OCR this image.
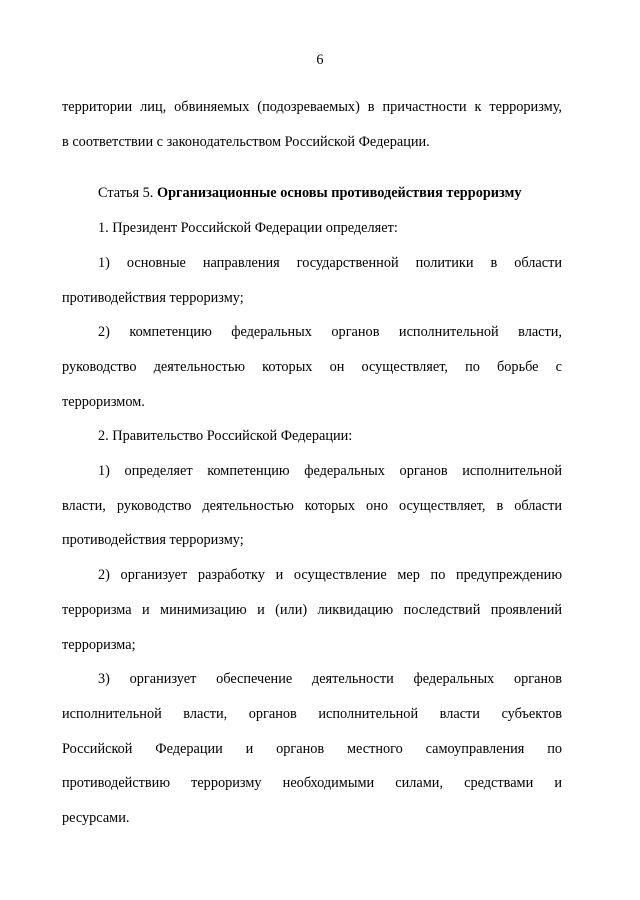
6

территории лиц, обвиняемых (подозреваемых) в причастности к терроризму,

в соответствии с законодательством Российской Федерации.

Статья 5. Организационные основы противодействия терроризму

1. Президент Российской Федерации определяет:

1) основные направления государственной политики в области

противодействия терроризму;

2) компетенцию федеральных органов исполнительной власти,

руководство деятельностью которых он осуществляет, по борьбе с

терроризмом.

2. Правительство Российской Федерации:

1) определяет компетенцию федеральных органов исполнительной

власти, руководство деятельностью которых оно осуществляет, в области

противодействия терроризму;

2) организует разработку и осуществление мер по предупреждению

терроризма и минимизацию и (или) ликвидацию последствий проявлений

терроризма;

3) организует обеспечение деятельности федеральных органов

исполнительной власти, органов исполнительной власти субъектов

Российской Федерации и органов местного самоуправления по

противодействию терроризму необходимыми силами, средствами и

ресурсами.
